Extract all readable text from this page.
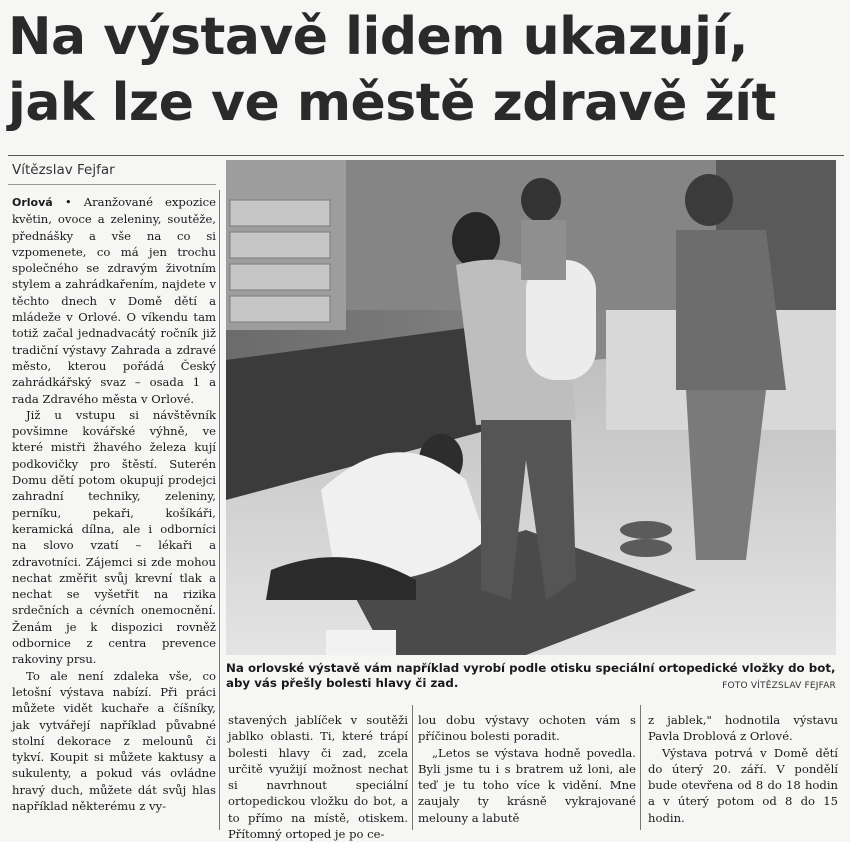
Na výstavě lidem ukazují,
jak lze ve městě zdravě žít
Vítězslav Fejfar

Orlová • Aranžované expozice květin, ovoce a zeleniny, soutěže, přednášky a vše na co si vzpomenete, co má jen trochu společného se zdravým životním stylem a zahrádkařením, najdete v těchto dnech v Domě dětí a mládeže v Orlové. O víkendu tam totiž začal jednadvacátý ročník již tradiční výstavy Zahrada a zdravé město, kterou pořádá Český zahrádkářský svaz – osada 1 a rada Zdravého města v Orlové.

Již u vstupu si návštěvník povšimne kovářské výhně, ve které mistři žhavého železa kují podkovičky pro štěstí. Suterén Domu dětí potom okupují prodejci zahradní techniky, zeleniny, perníku, pekaři, košíkáři, keramická dílna, ale i odborníci na slovo vzatí – lékaři a zdravotníci. Zájemci si zde mohou nechat změřit svůj krevní tlak a nechat se vyšetřit na rizika srdečních a cévních onemocnění. Ženám je k dispozici rovněž odbornice z centra prevence rakoviny prsu.

To ale není zdaleka vše, co letošní výstava nabízí. Při práci můžete vidět kuchaře a číšníky, jak vytvářejí například půvabné stolní dekorace z melounů či tykví. Koupit si můžete kaktusy a sukulenty, a pokud vás ovládne hravý duch, můžete dát svůj hlas například některému z vy-

Na orlovské výstavě vám například vyrobí podle otisku speciální ortopedické vložky do bot, aby vás přešly bolesti hlavy či zad.	FOTO VÍTĚZSLAV FEJFAR

stavených jablíček v soutěži jablko oblasti. Ti, které trápí bolesti hlavy či zad, zcela určitě využijí možnost nechat si navrhnout speciální ortopedickou vložku do bot, a to přímo na místě, otiskem. Přítomný ortoped je po ce-

lou dobu výstavy ochoten vám s příčinou bolesti poradit.

„Letos se výstava hodně povedla. Byli jsme tu i s bratrem už loni, ale teď je tu toho více k vidění. Mne zaujaly ty krásně vykrajované melouny a labutě

z jablek," hodnotila výstavu Pavla Droblová z Orlové.

Výstava potrvá v Domě dětí do úterý 20. září. V pondělí bude otevřena od 8 do 18 hodin a v úterý potom od 8 do 15 hodin.
